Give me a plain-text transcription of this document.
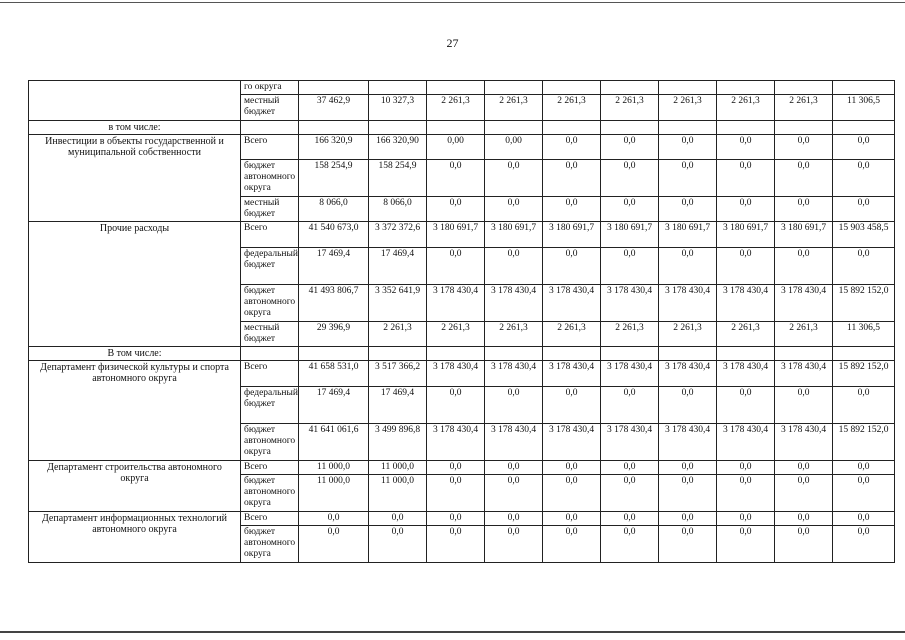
27

	го округа										

	местный бюджет	37 462,9	10 327,3	2 261,3	2 261,3	2 261,3	2 261,3	2 261,3	2 261,3	2 261,3	11 306,5
в том числе:											
Инвестиции в объекты государственной и муниципальной собственности	Всего	166 320,9	166 320,90	0,00	0,00	0,0	0,0	0,0	0,0	0,0	0,0
	бюджет автономного округа	158 254,9	158 254,9	0,0	0,0	0,0	0,0	0,0	0,0	0,0	0,0
	местный бюджет	8 066,0	8 066,0	0,0	0,0	0,0	0,0	0,0	0,0	0,0	0,0
Прочие расходы	Всего	41 540 673,0	3 372 372,6	3 180 691,7	3 180 691,7	3 180 691,7	3 180 691,7	3 180 691,7	3 180 691,7	3 180 691,7	15 903 458,5
	федеральный бюджет	17 469,4	17 469,4	0,0	0,0	0,0	0,0	0,0	0,0	0,0	0,0
	бюджет автономного округа	41 493 806,7	3 352 641,9	3 178 430,4	3 178 430,4	3 178 430,4	3 178 430,4	3 178 430,4	3 178 430,4	3 178 430,4	15 892 152,0
	местный бюджет	29 396,9	2 261,3	2 261,3	2 261,3	2 261,3	2 261,3	2 261,3	2 261,3	2 261,3	11 306,5
В том числе:											
Департамент физической культуры и спорта автономного округа	Всего	41 658 531,0	3 517 366,2	3 178 430,4	3 178 430,4	3 178 430,4	3 178 430,4	3 178 430,4	3 178 430,4	3 178 430,4	15 892 152,0
	федеральный бюджет	17 469,4	17 469,4	0,0	0,0	0,0	0,0	0,0	0,0	0,0	0,0
	бюджет автономного округа	41 641 061,6	3 499 896,8	3 178 430,4	3 178 430,4	3 178 430,4	3 178 430,4	3 178 430,4	3 178 430,4	3 178 430,4	15 892 152,0
Департамент строительства автономного округа	Всего	11 000,0	11 000,0	0,0	0,0	0,0	0,0	0,0	0,0	0,0	0,0
	бюджет автономного округа	11 000,0	11 000,0	0,0	0,0	0,0	0,0	0,0	0,0	0,0	0,0
Департамент информационных технологий автономного округа	Всего	0,0	0,0	0,0	0,0	0,0	0,0	0,0	0,0	0,0	0,0
	бюджет автономного округа	0,0	0,0	0,0	0,0	0,0	0,0	0,0	0,0	0,0	0,0
